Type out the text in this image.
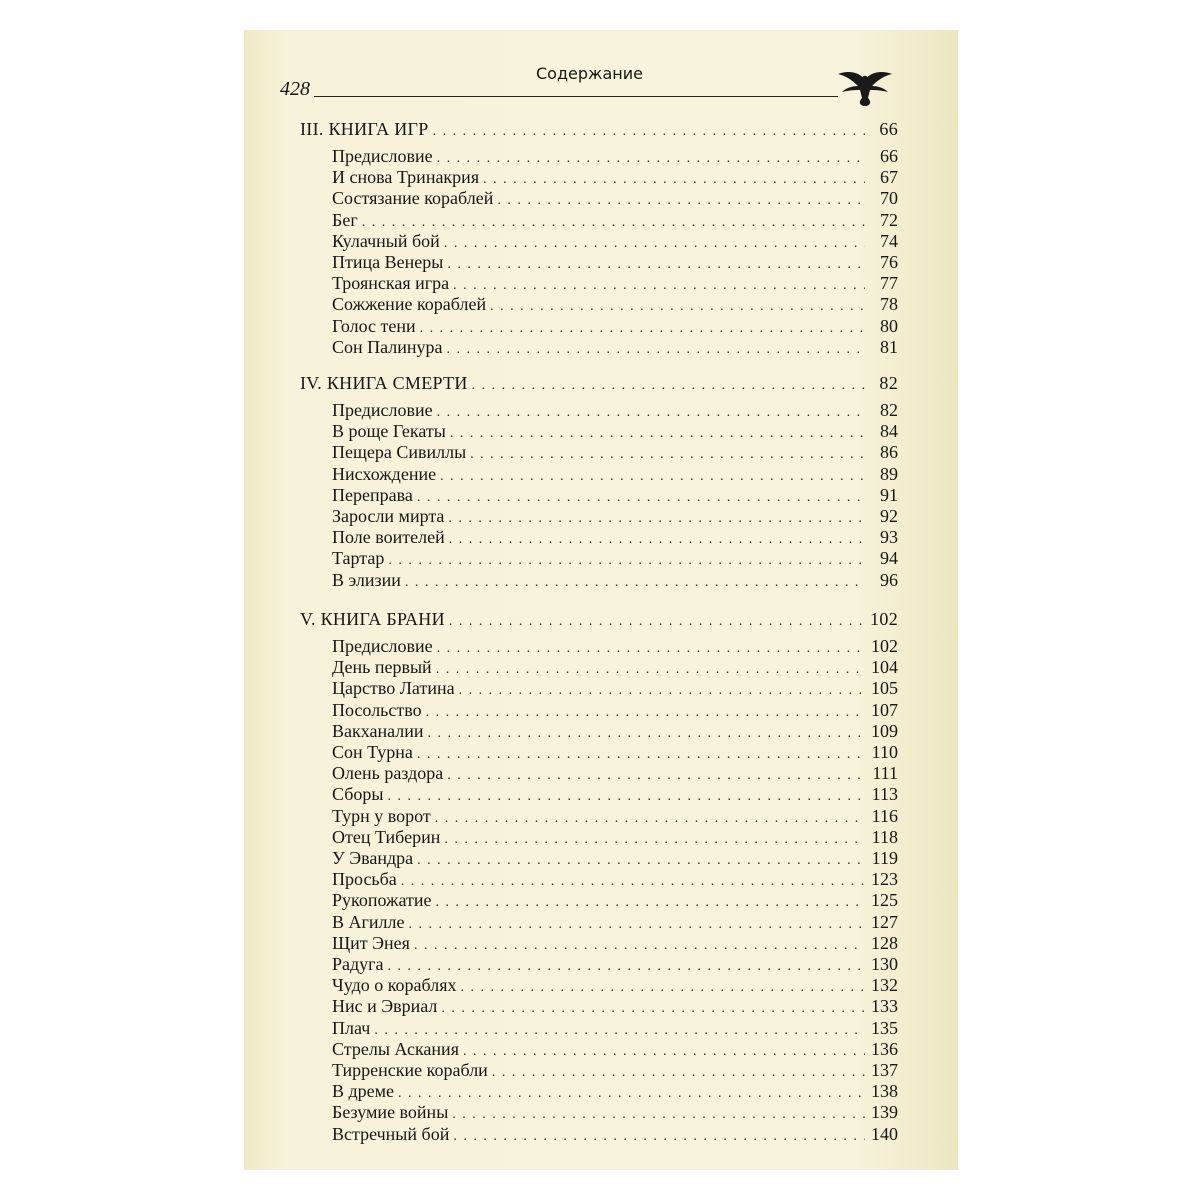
428
Содержание
III. КНИГА ИГР . . .	66
Предисловие . . .	66
И снова Тринакрия . . .	67
Состязание кораблей . . .	70
Бег . . .	72
Кулачный бой . . .	74
Птица Венеры . . .	76
Троянская игра . . .	77
Сожжение кораблей . . .	78
Голос тени . . .	80
Сон Палинура . . .	81
IV. КНИГА СМЕРТИ . . .	82
Предисловие . . .	82
В роще Гекаты . . .	84
Пещера Сивиллы . . .	86
Нисхождение . . .	89
Переправа . . .	91
Заросли мирта . . .	92
Поле воителей . . .	93
Тартар . . .	94
В элизии . . .	96
V. КНИГА БРАНИ . . .	102
Предисловие . . .	102
День первый . . .	104
Царство Латина . . .	105
Посольство . . .	107
Вакханалии . . .	109
Сон Турна . . .	110
Олень раздора . . .	111
Сборы . . .	113
Турн у ворот . . .	116
Отец Тиберин . . .	118
У Эвандра . . .	119
Просьба . . .	123
Рукопожатие . . .	125
В Агилле . . .	127
Щит Энея . . .	128
Радуга . . .	130
Чудо о кораблях . . .	132
Нис и Эвриал . . .	133
Плач . . .	135
Стрелы Аскания . . .	136
Тирренские корабли . . .	137
В дреме . . .	138
Безумие войны . . .	139
Встречный бой . . .	140
